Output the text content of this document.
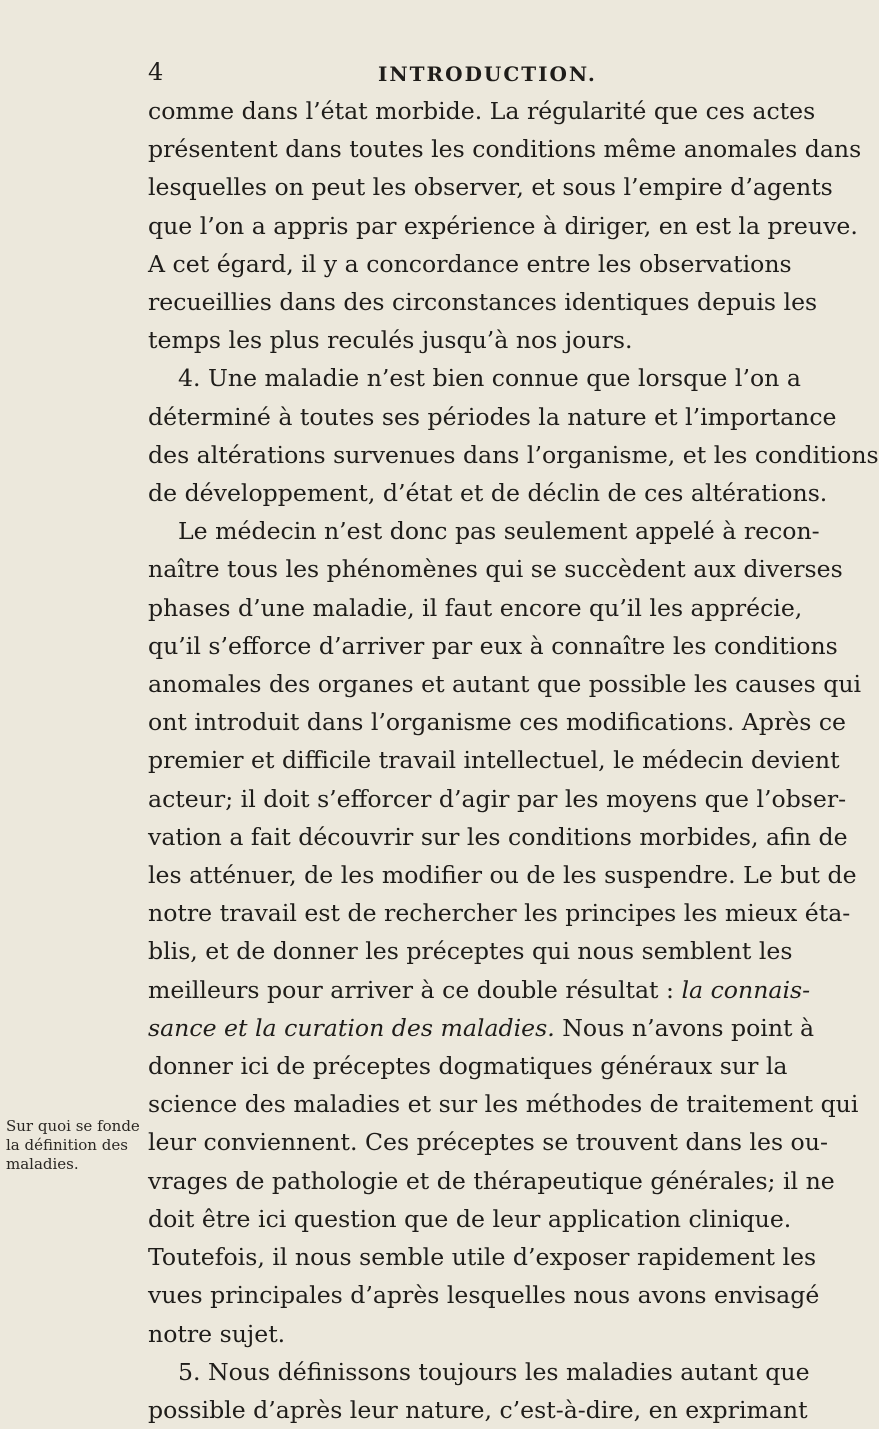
4	INTRODUCTION.

comme dans l’état morbide. La régularité que ces actes

présentent dans toutes les conditions même anomales dans

lesquelles on peut les observer, et sous l’empire d’agents

que l’on a appris par expérience à diriger, en est la preuve.

A cet égard, il y a concordance entre les observations

recueillies dans des circonstances identiques depuis les

temps les plus reculés jusqu’à nos jours.

4. Une maladie n’est bien connue que lorsque l’on a

déterminé à toutes ses périodes la nature et l’importance

des altérations survenues dans l’organisme, et les conditions

de développement, d’état et de déclin de ces altérations.

Le médecin n’est donc pas seulement appelé à recon-

naître tous les phénomènes qui se succèdent aux diverses

phases d’une maladie, il faut encore qu’il les apprécie,

qu’il s’efforce d’arriver par eux à connaître les conditions

anomales des organes et autant que possible les causes qui

ont introduit dans l’organisme ces modifications. Après ce

premier et difficile travail intellectuel, le médecin devient

acteur; il doit s’efforcer d’agir par les moyens que l’obser-

vation a fait découvrir sur les conditions morbides, afin de

les atténuer, de les modifier ou de les suspendre. Le but de

notre travail est de rechercher les principes les mieux éta-

blis, et de donner les préceptes qui nous semblent les

meilleurs pour arriver à ce double résultat : la connais-

sance et la curation des maladies. Nous n’avons point à

donner ici de préceptes dogmatiques généraux sur la

science des maladies et sur les méthodes de traitement qui

leur conviennent. Ces préceptes se trouvent dans les ou-

vrages de pathologie et de thérapeutique générales; il ne

doit être ici question que de leur application clinique.

Toutefois, il nous semble utile d’exposer rapidement les

vues principales d’après lesquelles nous avons envisagé

notre sujet.

5. Nous définissons toujours les maladies autant que

possible d’après leur nature, c’est-à-dire, en exprimant

Sur quoi se fonde
la définition des
maladies.
